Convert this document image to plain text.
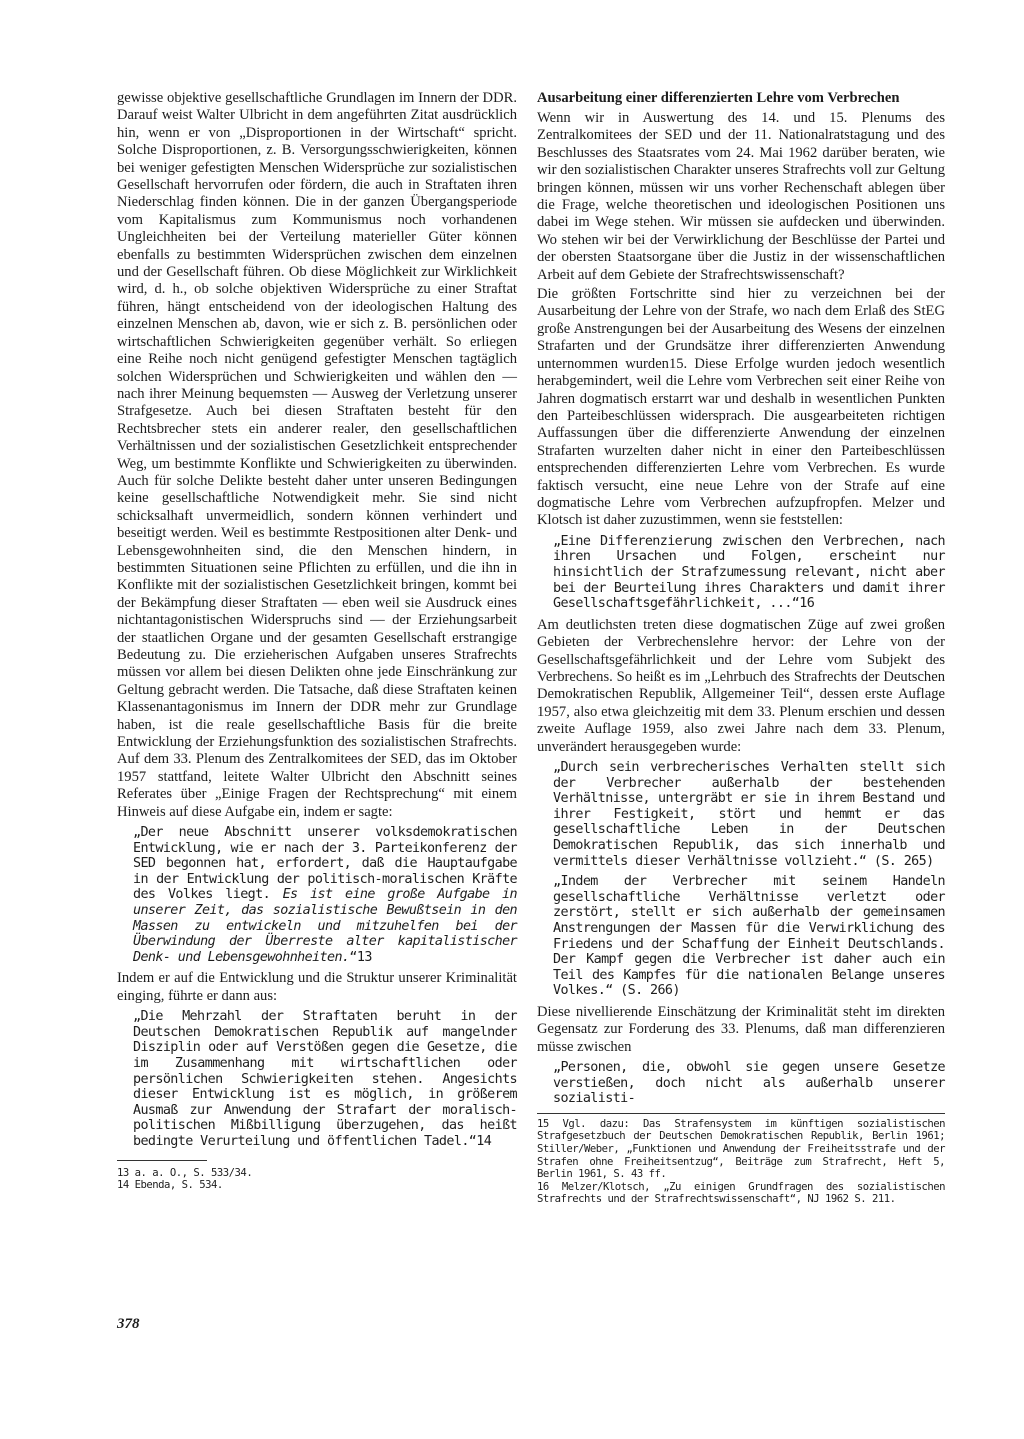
gewisse objektive gesellschaftliche Grundlagen im Innern der DDR. Darauf weist Walter Ulbricht in dem angeführten Zitat ausdrücklich hin, wenn er von „Disproportionen in der Wirtschaft“ spricht. Solche Disproportionen, z. B. Versorgungsschwierigkeiten, können bei weniger gefestigten Menschen Widersprüche zur sozialistischen Gesellschaft hervorrufen oder fördern, die auch in Straftaten ihren Niederschlag finden können. Die in der ganzen Übergangsperiode vom Kapitalismus zum Kommunismus noch vorhandenen Ungleichheiten bei der Verteilung materieller Güter können ebenfalls zu bestimmten Widersprüchen zwischen dem einzelnen und der Gesellschaft führen. Ob diese Möglichkeit zur Wirklichkeit wird, d. h., ob solche objektiven Widersprüche zu einer Straftat führen, hängt entscheidend von der ideologischen Haltung des einzelnen Menschen ab, davon, wie er sich z. B. persönlichen oder wirtschaftlichen Schwierigkeiten gegenüber verhält. So erliegen eine Reihe noch nicht genügend gefestigter Menschen tagtäglich solchen Widersprüchen und Schwierigkeiten und wählen den — nach ihrer Meinung bequemsten — Ausweg der Verletzung unserer Strafgesetze. Auch bei diesen Straftaten besteht für den Rechtsbrecher stets ein anderer realer, den gesellschaftlichen Verhältnissen und der sozialistischen Gesetzlichkeit entsprechender Weg, um bestimmte Konflikte und Schwierigkeiten zu überwinden. Auch für solche Delikte besteht daher unter unseren Bedingungen keine gesellschaftliche Notwendigkeit mehr. Sie sind nicht schicksalhaft unvermeidlich, sondern können verhindert und beseitigt werden. Weil es bestimmte Restpositionen alter Denk- und Lebensgewohnheiten sind, die den Menschen hindern, in bestimmten Situationen seine Pflichten zu erfüllen, und die ihn in Konflikte mit der sozialistischen Gesetzlichkeit bringen, kommt bei der Bekämpfung dieser Straftaten — eben weil sie Ausdruck eines nichtantagonistischen Widerspruchs sind — der Erziehungsarbeit der staatlichen Organe und der gesamten Gesellschaft erstrangige Bedeutung zu. Die erzieherischen Aufgaben unseres Strafrechts müssen vor allem bei diesen Delikten ohne jede Einschränkung zur Geltung gebracht werden. Die Tatsache, daß diese Straftaten keinen Klassenantagonismus im Innern der DDR mehr zur Grundlage haben, ist die reale gesellschaftliche Basis für die breite Entwicklung der Erziehungsfunktion des sozialistischen Strafrechts. Auf dem 33. Plenum des Zentralkomitees der SED, das im Oktober 1957 stattfand, leitete Walter Ulbricht den Abschnitt seines Referates über „Einige Fragen der Rechtsprechung“ mit einem Hinweis auf diese Aufgabe ein, indem er sagte:

„Der neue Abschnitt unserer volksdemokratischen Entwicklung, wie er nach der 3. Parteikonferenz der SED begonnen hat, erfordert, daß die Hauptaufgabe in der Entwicklung der politisch-moralischen Kräfte des Volkes liegt. Es ist eine große Aufgabe in unserer Zeit, das sozialistische Bewußtsein in den Massen zu entwickeln und mitzuhelfen bei der Überwindung der Überreste alter kapitalistischer Denk- und Lebensgewohnheiten.“13

Indem er auf die Entwicklung und die Struktur unserer Kriminalität einging, führte er dann aus:

„Die Mehrzahl der Straftaten beruht in der Deutschen Demokratischen Republik auf mangelnder Disziplin oder auf Verstößen gegen die Gesetze, die im Zusammenhang mit wirtschaftlichen oder persönlichen Schwierigkeiten stehen. Angesichts dieser Entwicklung ist es möglich, in größerem Ausmaß zur Anwendung der Strafart der moralisch-politischen Mißbilligung überzugehen, das heißt bedingte Verurteilung und öffentlichen Tadel.“14

13 a. a. O., S. 533/34.

14 Ebenda, S. 534.

Ausarbeitung einer differenzierten Lehre vom Verbrechen

Wenn wir in Auswertung des 14. und 15. Plenums des Zentralkomitees der SED und der 11. Nationalratstagung und des Beschlusses des Staatsrates vom 24. Mai 1962 darüber beraten, wie wir den sozialistischen Charakter unseres Strafrechts voll zur Geltung bringen können, müssen wir uns vorher Rechenschaft ablegen über die Frage, welche theoretischen und ideologischen Positionen uns dabei im Wege stehen. Wir müssen sie aufdecken und überwinden. Wo stehen wir bei der Verwirklichung der Beschlüsse der Partei und der obersten Staatsorgane über die Justiz in der wissenschaftlichen Arbeit auf dem Gebiete der Strafrechtswissenschaft?

Die größten Fortschritte sind hier zu verzeichnen bei der Ausarbeitung der Lehre von der Strafe, wo nach dem Erlaß des StEG große Anstrengungen bei der Ausarbeitung des Wesens der einzelnen Strafarten und der Grundsätze ihrer differenzierten Anwendung unternommen wurden15. Diese Erfolge wurden jedoch wesentlich herabgemindert, weil die Lehre vom Verbrechen seit einer Reihe von Jahren dogmatisch erstarrt war und deshalb in wesentlichen Punkten den Parteibeschlüssen widersprach. Die ausgearbeiteten richtigen Auffassungen über die differenzierte Anwendung der einzelnen Strafarten wurzelten daher nicht in einer den Parteibeschlüssen entsprechenden differenzierten Lehre vom Verbrechen. Es wurde faktisch versucht, eine neue Lehre von der Strafe auf eine dogmatische Lehre vom Verbrechen aufzupfropfen. Melzer und Klotsch ist daher zuzustimmen, wenn sie feststellen:

„Eine Differenzierung zwischen den Verbrechen, nach ihren Ursachen und Folgen, erscheint nur hinsichtlich der Strafzumessung relevant, nicht aber bei der Beurteilung ihres Charakters und damit ihrer Gesellschaftsgefährlichkeit, ...“16

Am deutlichsten treten diese dogmatischen Züge auf zwei großen Gebieten der Verbrechenslehre hervor: der Lehre von der Gesellschaftsgefährlichkeit und der Lehre vom Subjekt des Verbrechens. So heißt es im „Lehrbuch des Strafrechts der Deutschen Demokratischen Republik, Allgemeiner Teil“, dessen erste Auflage 1957, also etwa gleichzeitig mit dem 33. Plenum erschien und dessen zweite Auflage 1959, also zwei Jahre nach dem 33. Plenum, unverändert herausgegeben wurde:

„Durch sein verbrecherisches Verhalten stellt sich der Verbrecher außerhalb der bestehenden Verhältnisse, untergräbt er sie in ihrem Bestand und ihrer Festigkeit, stört und hemmt er das gesellschaftliche Leben in der Deutschen Demokratischen Republik, das sich innerhalb und vermittels dieser Verhältnisse vollzieht.“ (S. 265)

„Indem der Verbrecher mit seinem Handeln gesellschaftliche Verhältnisse verletzt oder zerstört, stellt er sich außerhalb der gemeinsamen Anstrengungen der Massen für die Verwirklichung des Friedens und der Schaffung der Einheit Deutschlands. Der Kampf gegen die Verbrecher ist daher auch ein Teil des Kampfes für die nationalen Belange unseres Volkes.“ (S. 266)

Diese nivellierende Einschätzung der Kriminalität steht im direkten Gegensatz zur Forderung des 33. Plenums, daß man differenzieren müsse zwischen

„Personen, die, obwohl sie gegen unsere Gesetze verstießen, doch nicht als außerhalb unserer sozialisti-

15 Vgl. dazu: Das Strafensystem im künftigen sozialistischen Strafgesetzbuch der Deutschen Demokratischen Republik, Berlin 1961; Stiller/Weber, „Funktionen und Anwendung der Freiheitsstrafe und der Strafen ohne Freiheitsentzug“, Beiträge zum Strafrecht, Heft 5, Berlin 1961, S. 43 ff.

16 Melzer/Klotsch, „Zu einigen Grundfragen des sozialistischen Strafrechts und der Strafrechtswissenschaft“, NJ 1962 S. 211.

378
